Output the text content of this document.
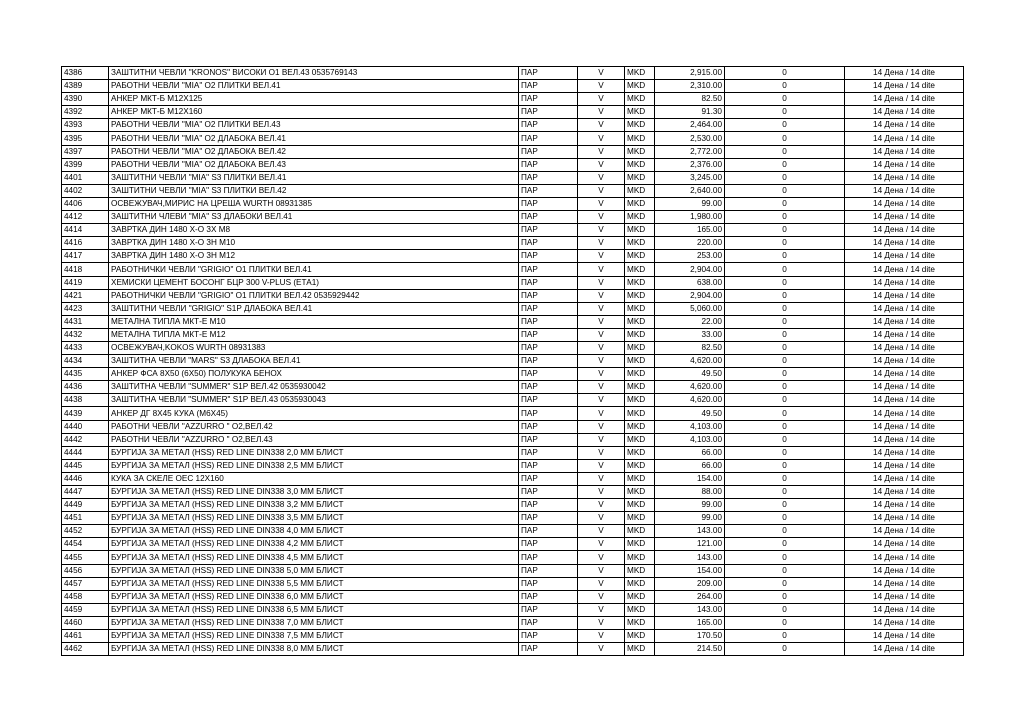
4386	ЗАШТИТНИ ЧЕВЛИ "KRONOS" ВИСОКИ О1 ВЕЛ.43 0535769143	ПАР	V	MKD	2,915.00	0	14 Дена / 14 dite
4389	РАБОТНИ ЧЕВЛИ "MIA" О2 ПЛИТКИ ВЕЛ.41	ПАР	V	MKD	2,310.00	0	14 Дена / 14 dite
4390	АНКЕР МКТ-Б М12Х125	ПАР	V	MKD	82.50	0	14 Дена / 14 dite
4392	АНКЕР МКТ-Б М12Х160	ПАР	V	MKD	91.30	0	14 Дена / 14 dite
4393	РАБОТНИ ЧЕВЛИ "MIA" О2 ПЛИТКИ ВЕЛ.43	ПАР	V	MKD	2,464.00	0	14 Дена / 14 dite
4395	РАБОТНИ ЧЕВЛИ "MIA" О2 ДЛАБОКА ВЕЛ.41	ПАР	V	MKD	2,530.00	0	14 Дена / 14 dite
4397	РАБОТНИ ЧЕВЛИ "MIA" О2 ДЛАБОКА ВЕЛ.42	ПАР	V	MKD	2,772.00	0	14 Дена / 14 dite
4399	РАБОТНИ ЧЕВЛИ "MIA" О2 ДЛАБОКА ВЕЛ.43	ПАР	V	MKD	2,376.00	0	14 Дена / 14 dite
4401	ЗАШТИТНИ ЧЕВЛИ "MIA" S3 ПЛИТКИ ВЕЛ.41	ПАР	V	MKD	3,245.00	0	14 Дена / 14 dite
4402	ЗАШТИТНИ ЧЕВЛИ "MIA" S3 ПЛИТКИ ВЕЛ.42	ПАР	V	MKD	2,640.00	0	14 Дена / 14 dite
4406	ОСВЕЖУВАЧ,МИРИС НА ЦРЕША WURTH 08931385	ПАР	V	MKD	99.00	0	14 Дена / 14 dite
4412	ЗАШТИТНИ ЧЛЕВИ "MIA" S3 ДЛАБОКИ ВЕЛ.41	ПАР	V	MKD	1,980.00	0	14 Дена / 14 dite
4414	ЗАВРТКА ДИН 1480 Х-О 3Х М8	ПАР	V	MKD	165.00	0	14 Дена / 14 dite
4416	ЗАВРТКА ДИН 1480 Х-О 3Н М10	ПАР	V	MKD	220.00	0	14 Дена / 14 dite
4417	ЗАВРТКА ДИН 1480 Х-О 3Н М12	ПАР	V	MKD	253.00	0	14 Дена / 14 dite
4418	РАБОТНИЧКИ ЧЕВЛИ "GRIGIO" О1 ПЛИТКИ ВЕЛ.41	ПАР	V	MKD	2,904.00	0	14 Дена / 14 dite
4419	ХЕМИСКИ ЦЕМЕНТ БОСОНГ БЦР 300 V-PLUS (ЕТА1)	ПАР	V	MKD	638.00	0	14 Дена / 14 dite
4421	РАБОТНИЧКИ ЧЕВЛИ "GRIGIO" О1 ПЛИТКИ ВЕЛ.42 0535929442	ПАР	V	MKD	2,904.00	0	14 Дена / 14 dite
4423	ЗАШТИТНИ ЧЕВЛИ "GRIGIO" S1P ДЛАБОКА ВЕЛ.41	ПАР	V	MKD	5,060.00	0	14 Дена / 14 dite
4431	МЕТАЛНА ТИПЛА МКТ-Е М10	ПАР	V	MKD	22.00	0	14 Дена / 14 dite
4432	МЕТАЛНА ТИПЛА МКТ-Е М12	ПАР	V	MKD	33.00	0	14 Дена / 14 dite
4433	ОСВЕЖУВАЧ,KOKOS WURTH 08931383	ПАР	V	MKD	82.50	0	14 Дена / 14 dite
4434	ЗАШТИТНА ЧЕВЛИ "MARS" S3 ДЛАБОКА ВЕЛ.41	ПАР	V	MKD	4,620.00	0	14 Дена / 14 dite
4435	АНКЕР ФСА 8Х50 (6Х50) ПОЛУКУКА БЕНОХ	ПАР	V	MKD	49.50	0	14 Дена / 14 dite
4436	ЗАШТИТНА ЧЕВЛИ "SUMMER" S1P ВЕЛ.42 0535930042	ПАР	V	MKD	4,620.00	0	14 Дена / 14 dite
4438	ЗАШТИТНА ЧЕВЛИ "SUMMER" S1P ВЕЛ.43 0535930043	ПАР	V	MKD	4,620.00	0	14 Дена / 14 dite
4439	АНКЕР ДГ 8Х45 КУКА (М6Х45)	ПАР	V	MKD	49.50	0	14 Дена / 14 dite
4440	РАБОТНИ ЧЕВЛИ "AZZURRO " О2,ВЕЛ.42	ПАР	V	MKD	4,103.00	0	14 Дена / 14 dite
4442	РАБОТНИ ЧЕВЛИ "AZZURRO " О2,ВЕЛ.43	ПАР	V	MKD	4,103.00	0	14 Дена / 14 dite
4444	БУРГИЈА ЗА МЕТАЛ (HSS) RED LINE DIN338 2,0 ММ БЛИСТ	ПАР	V	MKD	66.00	0	14 Дена / 14 dite
4445	БУРГИЈА ЗА МЕТАЛ (HSS) RED LINE DIN338 2,5 ММ БЛИСТ	ПАР	V	MKD	66.00	0	14 Дена / 14 dite
4446	КУКА ЗА СКЕЛЕ ОЕС 12Х160	ПАР	V	MKD	154.00	0	14 Дена / 14 dite
4447	БУРГИЈА ЗА МЕТАЛ (HSS) RED LINE DIN338 3,0 ММ БЛИСТ	ПАР	V	MKD	88.00	0	14 Дена / 14 dite
4449	БУРГИЈА ЗА МЕТАЛ (HSS) RED LINE DIN338 3,2 ММ БЛИСТ	ПАР	V	MKD	99.00	0	14 Дена / 14 dite
4451	БУРГИЈА ЗА МЕТАЛ (HSS) RED LINE DIN338 3,5 ММ БЛИСТ	ПАР	V	MKD	99.00	0	14 Дена / 14 dite
4452	БУРГИЈА ЗА МЕТАЛ (HSS) RED LINE DIN338 4,0 ММ БЛИСТ	ПАР	V	MKD	143.00	0	14 Дена / 14 dite
4454	БУРГИЈА ЗА МЕТАЛ (HSS) RED LINE DIN338 4,2 ММ БЛИСТ	ПАР	V	MKD	121.00	0	14 Дена / 14 dite
4455	БУРГИЈА ЗА МЕТАЛ (HSS) RED LINE DIN338 4,5 ММ БЛИСТ	ПАР	V	MKD	143.00	0	14 Дена / 14 dite
4456	БУРГИЈА ЗА МЕТАЛ (HSS) RED LINE DIN338 5,0 ММ БЛИСТ	ПАР	V	MKD	154.00	0	14 Дена / 14 dite
4457	БУРГИЈА ЗА МЕТАЛ (HSS) RED LINE DIN338 5,5 ММ БЛИСТ	ПАР	V	MKD	209.00	0	14 Дена / 14 dite
4458	БУРГИЈА ЗА МЕТАЛ (HSS) RED LINE DIN338 6,0 ММ БЛИСТ	ПАР	V	MKD	264.00	0	14 Дена / 14 dite
4459	БУРГИЈА ЗА МЕТАЛ (HSS) RED LINE DIN338 6,5 ММ БЛИСТ	ПАР	V	MKD	143.00	0	14 Дена / 14 dite
4460	БУРГИЈА ЗА МЕТАЛ (HSS) RED LINE DIN338 7,0 ММ БЛИСТ	ПАР	V	MKD	165.00	0	14 Дена / 14 dite
4461	БУРГИЈА ЗА МЕТАЛ (HSS) RED LINE DIN338 7,5 ММ БЛИСТ	ПАР	V	MKD	170.50	0	14 Дена / 14 dite
4462	БУРГИЈА ЗА МЕТАЛ (HSS) RED LINE DIN338 8,0 ММ БЛИСТ	ПАР	V	MKD	214.50	0	14 Дена / 14 dite
